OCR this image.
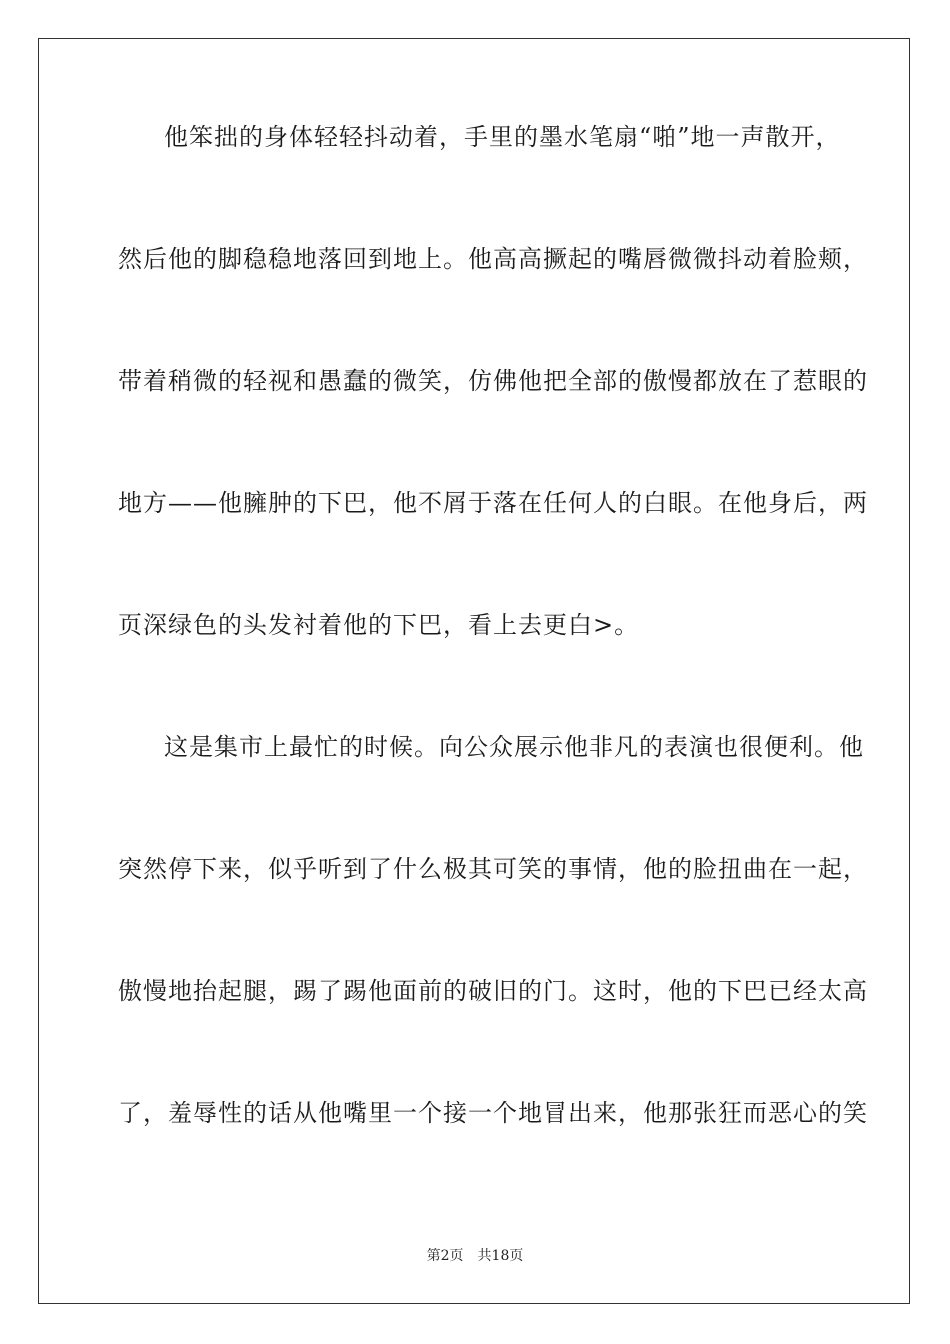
他笨拙的身体轻轻抖动着，手里的墨水笔扇“啪”地一声散开，
然后他的脚稳稳地落回到地上。他高高撅起的嘴唇微微抖动着脸颊，
带着稍微的轻视和愚蠢的微笑，仿佛他把全部的傲慢都放在了惹眼的
地方——他臃肿的下巴，他不屑于落在任何人的白眼。在他身后，两
页深绿色的头发衬着他的下巴，看上去更白>。
这是集市上最忙的时候。向公众展示他非凡的表演也很便利。他
突然停下来，似乎听到了什么极其可笑的事情，他的脸扭曲在一起，
傲慢地抬起腿，踢了踢他面前的破旧的门。这时，他的下巴已经太高
了，羞辱性的话从他嘴里一个接一个地冒出来，他那张狂而恶心的笑
第2页　共18页
